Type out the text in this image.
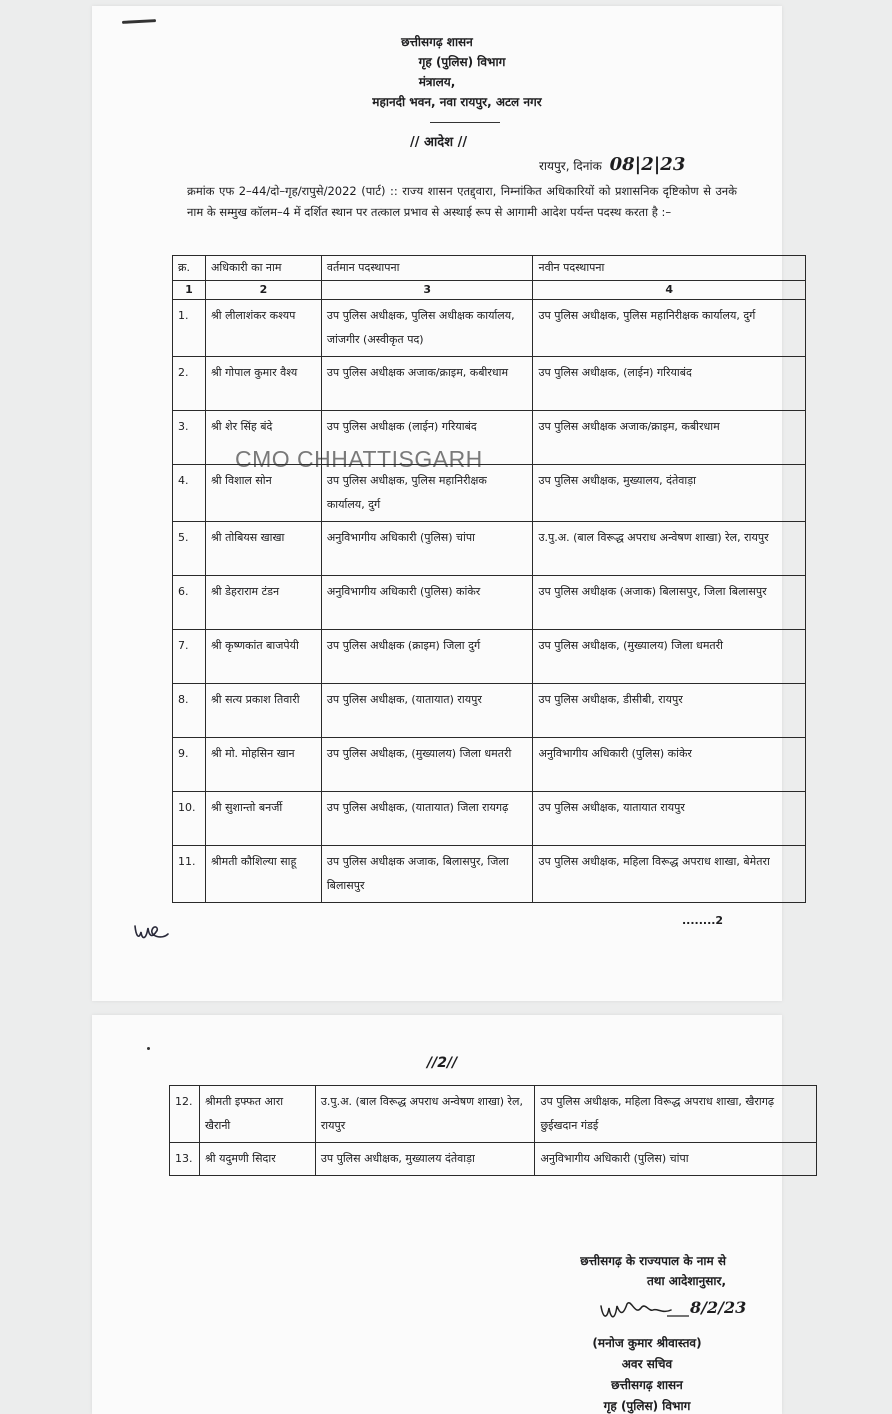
छत्तीसगढ़ शासन
गृह (पुलिस) विभाग
मंत्रालय,
महानदी भवन, नवा रायपुर, अटल नगर
// आदेश //
रायपुर, दिनांक 08|2|23
क्रमांक एफ 2–44/दो–गृह/रापुसे/2022 (पार्ट) :: राज्य शासन एतद्द्वारा, निम्नांकित अधिकारियों को प्रशासनिक दृष्टिकोण से उनके नाम के सम्मुख कॉलम–4 में दर्शित स्थान पर तत्काल प्रभाव से अस्थाई रूप से आगामी आदेश पर्यन्त पदस्थ करता है :–
क्र.	अधिकारी का नाम	वर्तमान पदस्थापना	नवीन पदस्थापना
1	2	3	4
1.	श्री लीलाशंकर कश्यप	उप पुलिस अधीक्षक, पुलिस अधीक्षक कार्यालय, जांजगीर (अस्वीकृत पद)	उप पुलिस अधीक्षक, पुलिस महानिरीक्षक कार्यालय, दुर्ग
2.	श्री गोपाल कुमार वैश्य	उप पुलिस अधीक्षक अजाक/क्राइम, कबीरधाम	उप पुलिस अधीक्षक, (लाईन) गरियाबंद
3.	श्री शेर सिंह बंदे	उप पुलिस अधीक्षक (लाईन) गरियाबंद	उप पुलिस अधीक्षक अजाक/क्राइम, कबीरधाम
4.	श्री विशाल सोन	उप पुलिस अधीक्षक, पुलिस महानिरीक्षक कार्यालय, दुर्ग	उप पुलिस अधीक्षक, मुख्यालय, दंतेवाड़ा
5.	श्री तोबियस खाखा	अनुविभागीय अधिकारी (पुलिस) चांपा	उ.पु.अ. (बाल विरूद्ध अपराध अन्वेषण शाखा) रेल, रायपुर
6.	श्री डेहराराम टंडन	अनुविभागीय अधिकारी (पुलिस) कांकेर	उप पुलिस अधीक्षक (अजाक) बिलासपुर, जिला बिलासपुर
7.	श्री कृष्णकांत बाजपेयी	उप पुलिस अधीक्षक (क्राइम) जिला दुर्ग	उप पुलिस अधीक्षक, (मुख्यालय) जिला धमतरी
8.	श्री सत्य प्रकाश तिवारी	उप पुलिस अधीक्षक, (यातायात) रायपुर	उप पुलिस अधीक्षक, डीसीबी, रायपुर
9.	श्री मो. मोहसिन खान	उप पुलिस अधीक्षक, (मुख्यालय) जिला धमतरी	अनुविभागीय अधिकारी (पुलिस) कांकेर
10.	श्री सुशान्तो बनर्जी	उप पुलिस अधीक्षक, (यातायात) जिला रायगढ़	उप पुलिस अधीक्षक, यातायात रायपुर
11.	श्रीमती कौशिल्या साहू	उप पुलिस अधीक्षक अजाक, बिलासपुर, जिला बिलासपुर	उप पुलिस अधीक्षक, महिला विरूद्ध अपराध शाखा, बेमेतरा
CMO CHHATTISGARH
........2
//2//
12.	श्रीमती इफ्फत आरा खैरानी	उ.पु.अ. (बाल विरूद्ध अपराध अन्वेषण शाखा) रेल, रायपुर	उप पुलिस अधीक्षक, महिला विरूद्ध अपराध शाखा, खैरागढ़ छुईखदान गंडई
13.	श्री यदुमणी सिदार	उप पुलिस अधीक्षक, मुख्यालय दंतेवाड़ा	अनुविभागीय अधिकारी (पुलिस) चांपा
छत्तीसगढ़ के राज्यपाल के नाम से
तथा आदेशानुसार,
8/2/23
(मनोज कुमार श्रीवास्तव)
अवर सचिव
छत्तीसगढ़ शासन
गृह (पुलिस) विभाग
